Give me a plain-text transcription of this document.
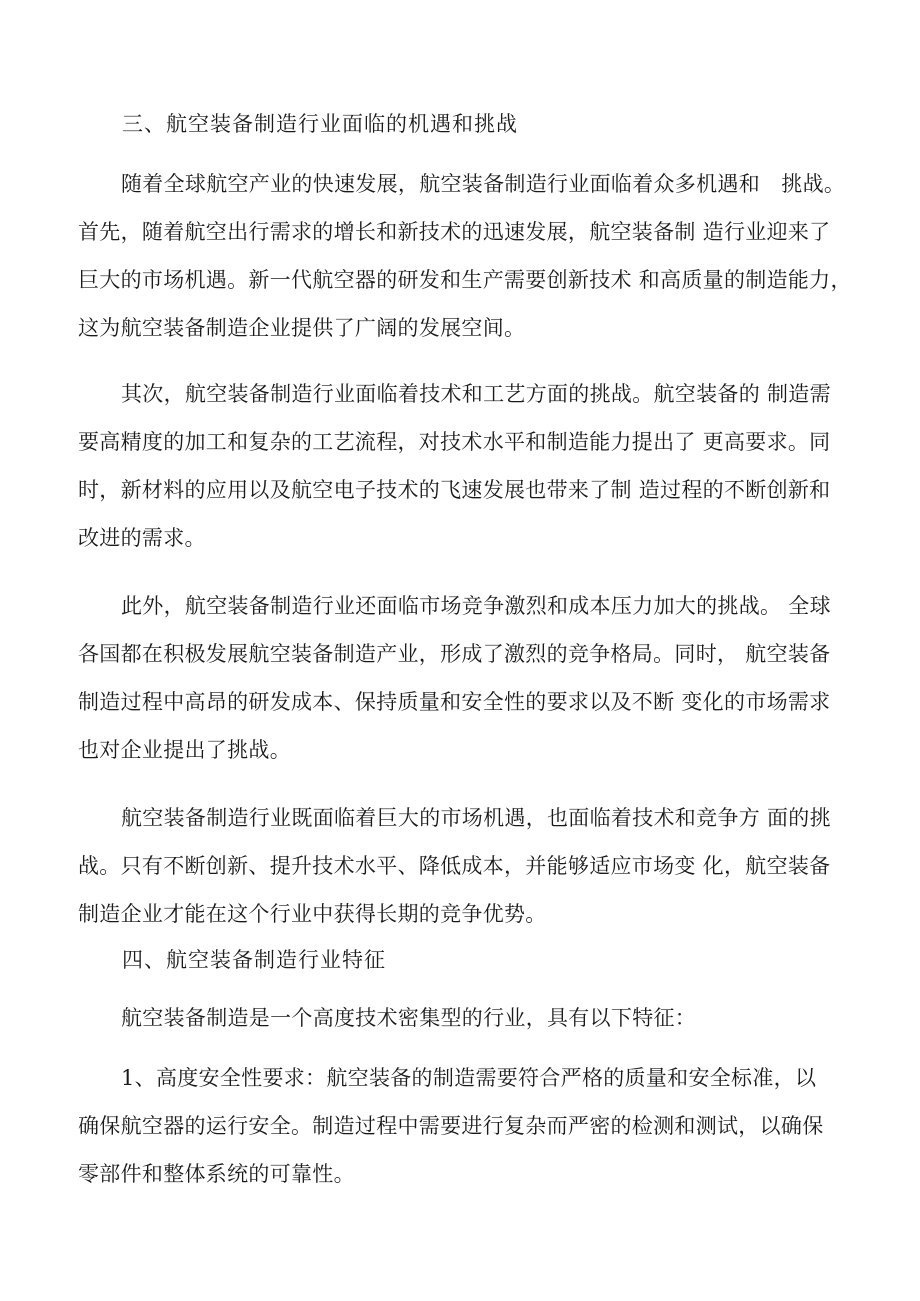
三、航空装备制造行业面临的机遇和挑战
随着全球航空产业的快速发展，航空装备制造行业面临着众多机遇和　挑战。
首先，随着航空出行需求的增长和新技术的迅速发展，航空装备制 造行业迎来了
巨大的市场机遇。新一代航空器的研发和生产需要创新技术 和高质量的制造能力，
这为航空装备制造企业提供了广阔的发展空间。
其次，航空装备制造行业面临着技术和工艺方面的挑战。航空装备的 制造需
要高精度的加工和复杂的工艺流程，对技术水平和制造能力提出了 更高要求。同
时，新材料的应用以及航空电子技术的飞速发展也带来了制 造过程的不断创新和
改进的需求。
此外，航空装备制造行业还面临市场竞争激烈和成本压力加大的挑战。 全球
各国都在积极发展航空装备制造产业，形成了激烈的竞争格局。同时， 航空装备
制造过程中高昂的研发成本、保持质量和安全性的要求以及不断 变化的市场需求
也对企业提出了挑战。
航空装备制造行业既面临着巨大的市场机遇，也面临着技术和竞争方 面的挑
战。只有不断创新、提升技术水平、降低成本，并能够适应市场变 化，航空装备
制造企业才能在这个行业中获得长期的竞争优势。
四、航空装备制造行业特征
航空装备制造是一个高度技术密集型的行业，具有以下特征：
1、高度安全性要求：航空装备的制造需要符合严格的质量和安全标准，以
确保航空器的运行安全。制造过程中需要进行复杂而严密的检测和测试，以确保
零部件和整体系统的可靠性。
